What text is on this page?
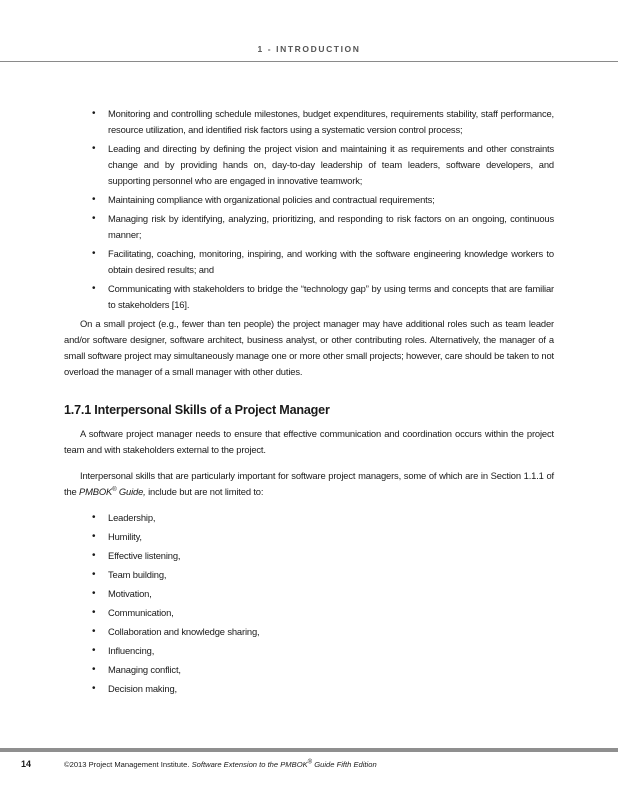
1 - INTRODUCTION
• Monitoring and controlling schedule milestones, budget expenditures, requirements stability, staff performance, resource utilization, and identified risk factors using a systematic version control process;
• Leading and directing by defining the project vision and maintaining it as requirements and other constraints change and by providing hands on, day-to-day leadership of team leaders, software developers, and supporting personnel who are engaged in innovative teamwork;
• Maintaining compliance with organizational policies and contractual requirements;
• Managing risk by identifying, analyzing, prioritizing, and responding to risk factors on an ongoing, continuous manner;
• Facilitating, coaching, monitoring, inspiring, and working with the software engineering knowledge workers to obtain desired results; and
• Communicating with stakeholders to bridge the “technology gap” by using terms and concepts that are familiar to stakeholders [16].

On a small project (e.g., fewer than ten people) the project manager may have additional roles such as team leader and/or software designer, software architect, business analyst, or other contributing roles. Alternatively, the manager of a small software project may simultaneously manage one or more other small projects; however, care should be taken to not overload the manager of a small manager with other duties.

1.7.1 Interpersonal Skills of a Project Manager

A software project manager needs to ensure that effective communication and coordination occurs within the project team and with stakeholders external to the project.

Interpersonal skills that are particularly important for software project managers, some of which are in Section 1.1.1 of the PMBOK® Guide, include but are not limited to:

• Leadership,
• Humility,
• Effective listening,
• Team building,
• Motivation,
• Communication,
• Collaboration and knowledge sharing,
• Influencing,
• Managing conflict,
• Decision making,
14	©2013 Project Management Institute. Software Extension to the PMBOK® Guide Fifth Edition
